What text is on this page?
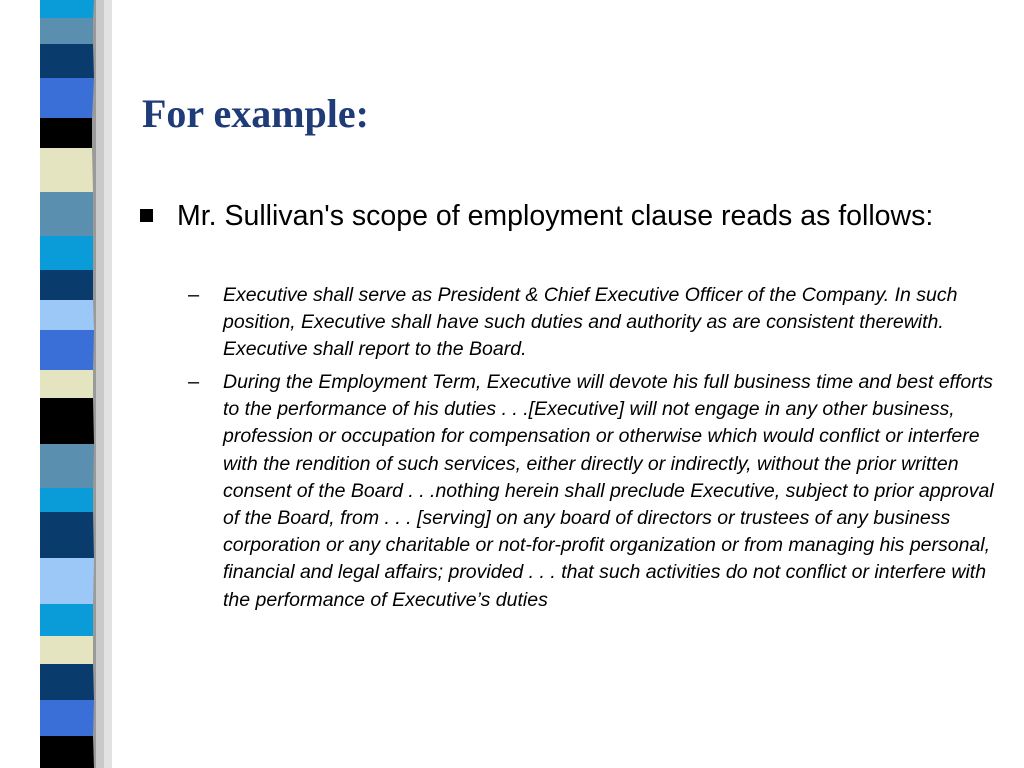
For example:
Mr. Sullivan's scope of employment clause reads as follows:
– Executive shall serve as President & Chief Executive Officer of the Company. In such position, Executive shall have such duties and authority as are consistent therewith. Executive shall report to the Board.
– During the Employment Term, Executive will devote his full business time and best efforts to the performance of his duties . . .[Executive] will not engage in any other business, profession or occupation for compensation or otherwise which would conflict or interfere with the rendition of such services, either directly or indirectly, without the prior written consent of the Board . . .nothing herein shall preclude Executive, subject to prior approval of the Board, from . . . [serving] on any board of directors or trustees of any business corporation or any charitable or not-for-profit organization or from managing his personal, financial and legal affairs; provided . . . that such activities do not conflict or interfere with the performance of Executive’s duties
